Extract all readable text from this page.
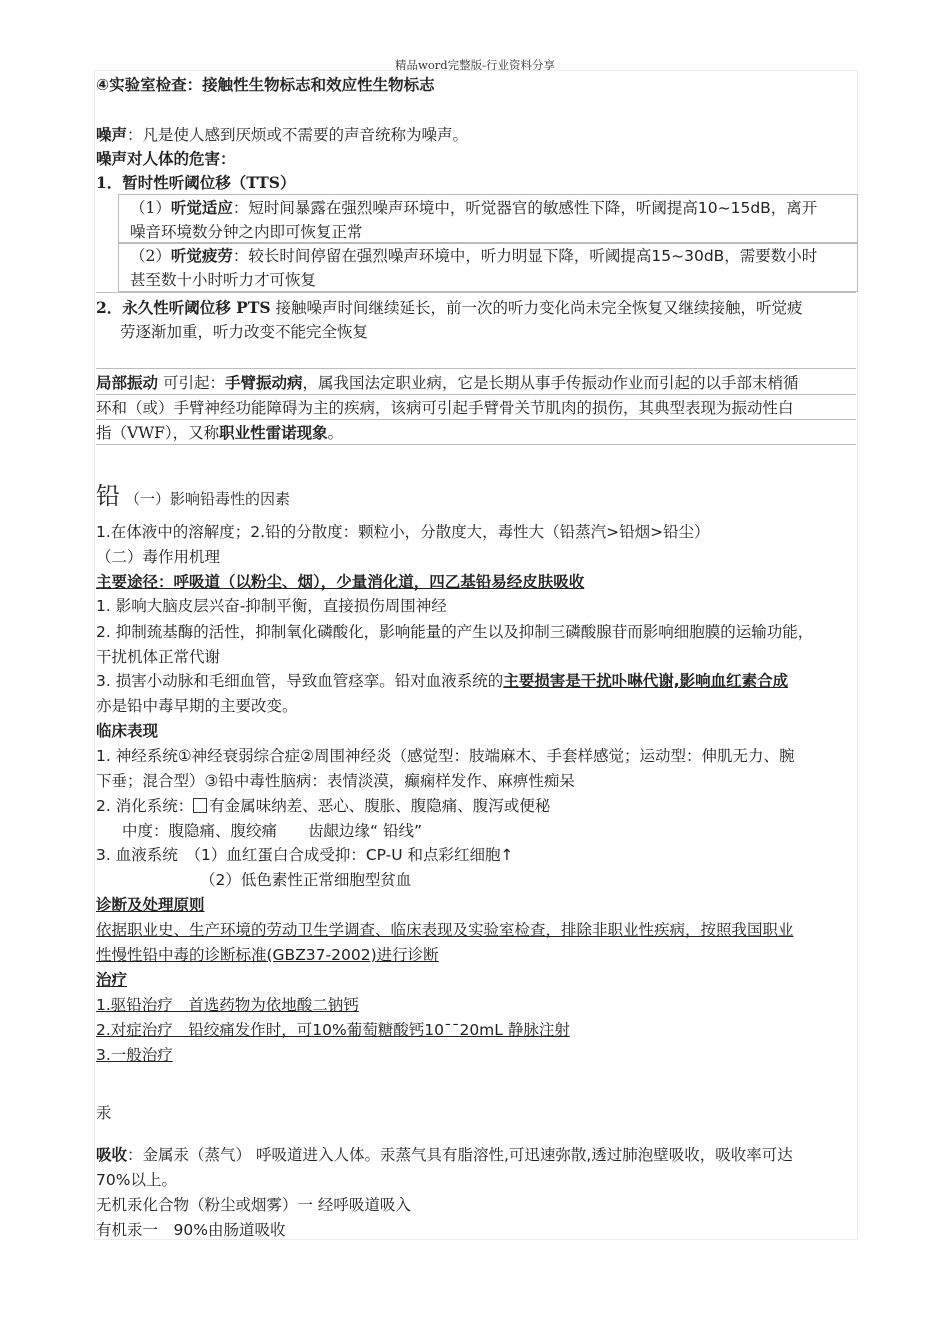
精品word完整版-行业资料分享
④实验室检查：接触性生物标志和效应性生物标志
噪声：凡是使人感到厌烦或不需要的声音统称为噪声。
噪声对人体的危害：
1．暂时性听阈位移（TTS）
（1）听觉适应：短时间暴露在强烈噪声环境中，听觉器官的敏感性下降，听阈提高10~15dB，离开
噪音环境数分钟之内即可恢复正常
（2）听觉疲劳：较长时间停留在强烈噪声环境中，听力明显下降，听阈提高15~30dB，需要数小时
甚至数十小时听力才可恢复
2．永久性听阈位移 PTS 接触噪声时间继续延长，前一次的听力变化尚未完全恢复又继续接触，听觉疲
劳逐渐加重，听力改变不能完全恢复
局部振动 可引起：手臂振动病，属我国法定职业病，它是长期从事手传振动作业而引起的以手部末梢循
环和（或）手臂神经功能障碍为主的疾病，该病可引起手臂骨关节肌肉的损伤，其典型表现为振动性白
指（VWF），又称职业性雷诺现象。
铅 （一）影响铅毒性的因素
1.在体液中的溶解度；2.铅的分散度：颗粒小，分散度大，毒性大（铅蒸汽>铅烟>铅尘）
（二）毒作用机理
主要途径：呼吸道（以粉尘、烟），少量消化道，四乙基铅易经皮肤吸收
1. 影响大脑皮层兴奋-抑制平衡，直接损伤周围神经
2. 抑制巯基酶的活性，抑制氧化磷酸化，影响能量的产生以及抑制三磷酸腺苷而影响细胞膜的运输功能，
干扰机体正常代谢
3. 损害小动脉和毛细血管，导致血管痉挛。铅对血液系统的主要损害是干扰卟啉代谢,影响血红素合成
亦是铅中毒早期的主要改变。
临床表现
1. 神经系统①神经衰弱综合症②周围神经炎（感觉型：肢端麻木、手套样感觉；运动型：伸肌无力、腕
下垂；混合型）③铅中毒性脑病：表情淡漠，癫痫样发作、麻痹性痴呆
2. 消化系统： 有金属味纳差、恶心、腹胀、腹隐痛、腹泻或便秘
中度：腹隐痛、腹绞痛　　齿龈边缘“ 铅线”
3. 血液系统　（1）血红蛋白合成受抑：CP-U 和点彩红细胞↑
（2）低色素性正常细胞型贫血
诊断及处理原则
依据职业史、生产环境的劳动卫生学调查、临床表现及实验室检查，排除非职业性疾病，按照我国职业
性慢性铅中毒的诊断标准(GBZ37-2002)进行诊断
治疗
1.驱铅治疗　首选药物为依地酸二钠钙
2.对症治疗　铅绞痛发作时，可10%葡萄糖酸钙10¯¯20mL 静脉注射
3.一般治疗
汞
吸收：金属汞（蒸气） 呼吸道进入人体。汞蒸气具有脂溶性,可迅速弥散,透过肺泡壁吸收，吸收率可达
70%以上。
无机汞化合物（粉尘或烟雾）一 经呼吸道吸入
有机汞一　90%由肠道吸收
